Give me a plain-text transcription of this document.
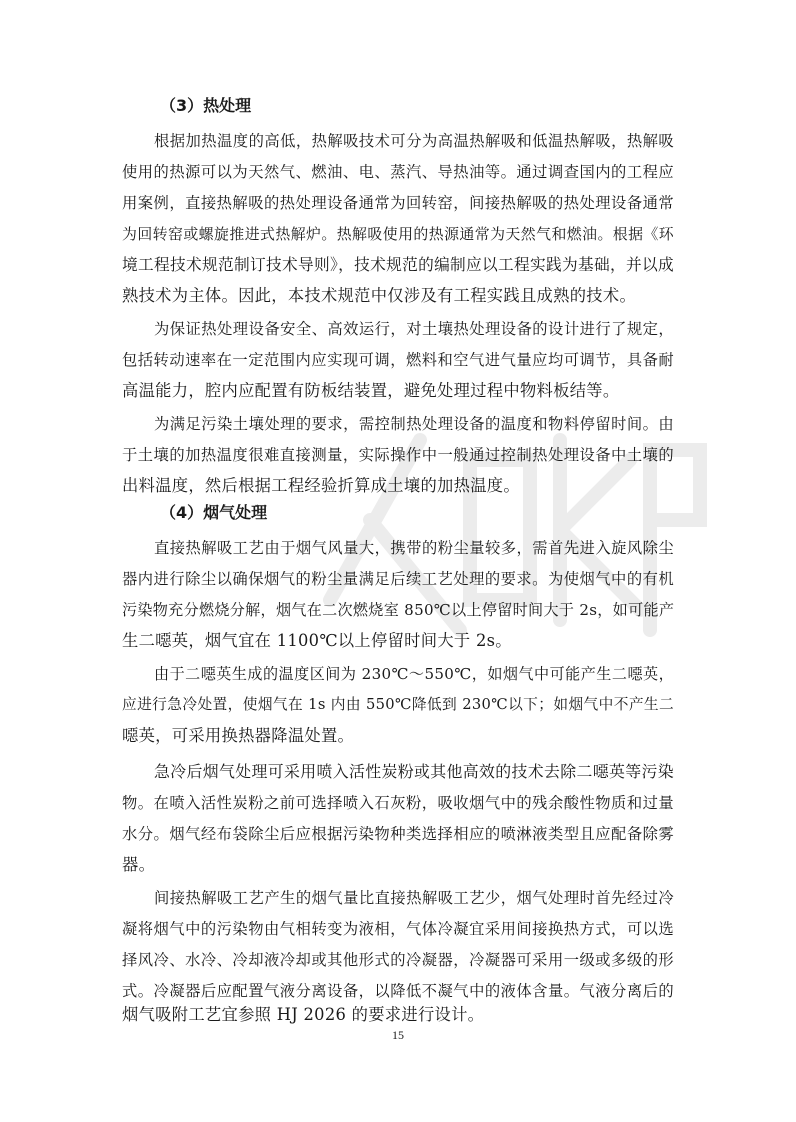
（3）热处理
根据加热温度的高低，热解吸技术可分为高温热解吸和低温热解吸，热解吸
使用的热源可以为天然气、燃油、电、蒸汽、导热油等。通过调查国内的工程应
用案例，直接热解吸的热处理设备通常为回转窑，间接热解吸的热处理设备通常
为回转窑或螺旋推进式热解炉。热解吸使用的热源通常为天然气和燃油。根据《环
境工程技术规范制订技术导则》，技术规范的编制应以工程实践为基础，并以成
熟技术为主体。因此，本技术规范中仅涉及有工程实践且成熟的技术。
为保证热处理设备安全、高效运行，对土壤热处理设备的设计进行了规定，
包括转动速率在一定范围内应实现可调，燃料和空气进气量应均可调节，具备耐
高温能力，腔内应配置有防板结装置，避免处理过程中物料板结等。
为满足污染土壤处理的要求，需控制热处理设备的温度和物料停留时间。由
于土壤的加热温度很难直接测量，实际操作中一般通过控制热处理设备中土壤的
出料温度，然后根据工程经验折算成土壤的加热温度。
（4）烟气处理
直接热解吸工艺由于烟气风量大，携带的粉尘量较多，需首先进入旋风除尘
器内进行除尘以确保烟气的粉尘量满足后续工艺处理的要求。为使烟气中的有机
污染物充分燃烧分解，烟气在二次燃烧室 850℃以上停留时间大于 2s，如可能产
生二噁英，烟气宜在 1100℃以上停留时间大于 2s。
由于二噁英生成的温度区间为 230℃～550℃，如烟气中可能产生二噁英，
应进行急冷处置，使烟气在 1s 内由 550℃降低到 230℃以下；如烟气中不产生二
噁英，可采用换热器降温处置。
急冷后烟气处理可采用喷入活性炭粉或其他高效的技术去除二噁英等污染
物。在喷入活性炭粉之前可选择喷入石灰粉，吸收烟气中的残余酸性物质和过量
水分。烟气经布袋除尘后应根据污染物种类选择相应的喷淋液类型且应配备除雾
器。
间接热解吸工艺产生的烟气量比直接热解吸工艺少，烟气处理时首先经过冷
凝将烟气中的污染物由气相转变为液相，气体冷凝宜采用间接换热方式，可以选
择风冷、水冷、冷却液冷却或其他形式的冷凝器，冷凝器可采用一级或多级的形
式。冷凝器后应配置气液分离设备，以降低不凝气中的液体含量。气液分离后的
烟气吸附工艺宜参照 HJ 2026 的要求进行设计。
15
